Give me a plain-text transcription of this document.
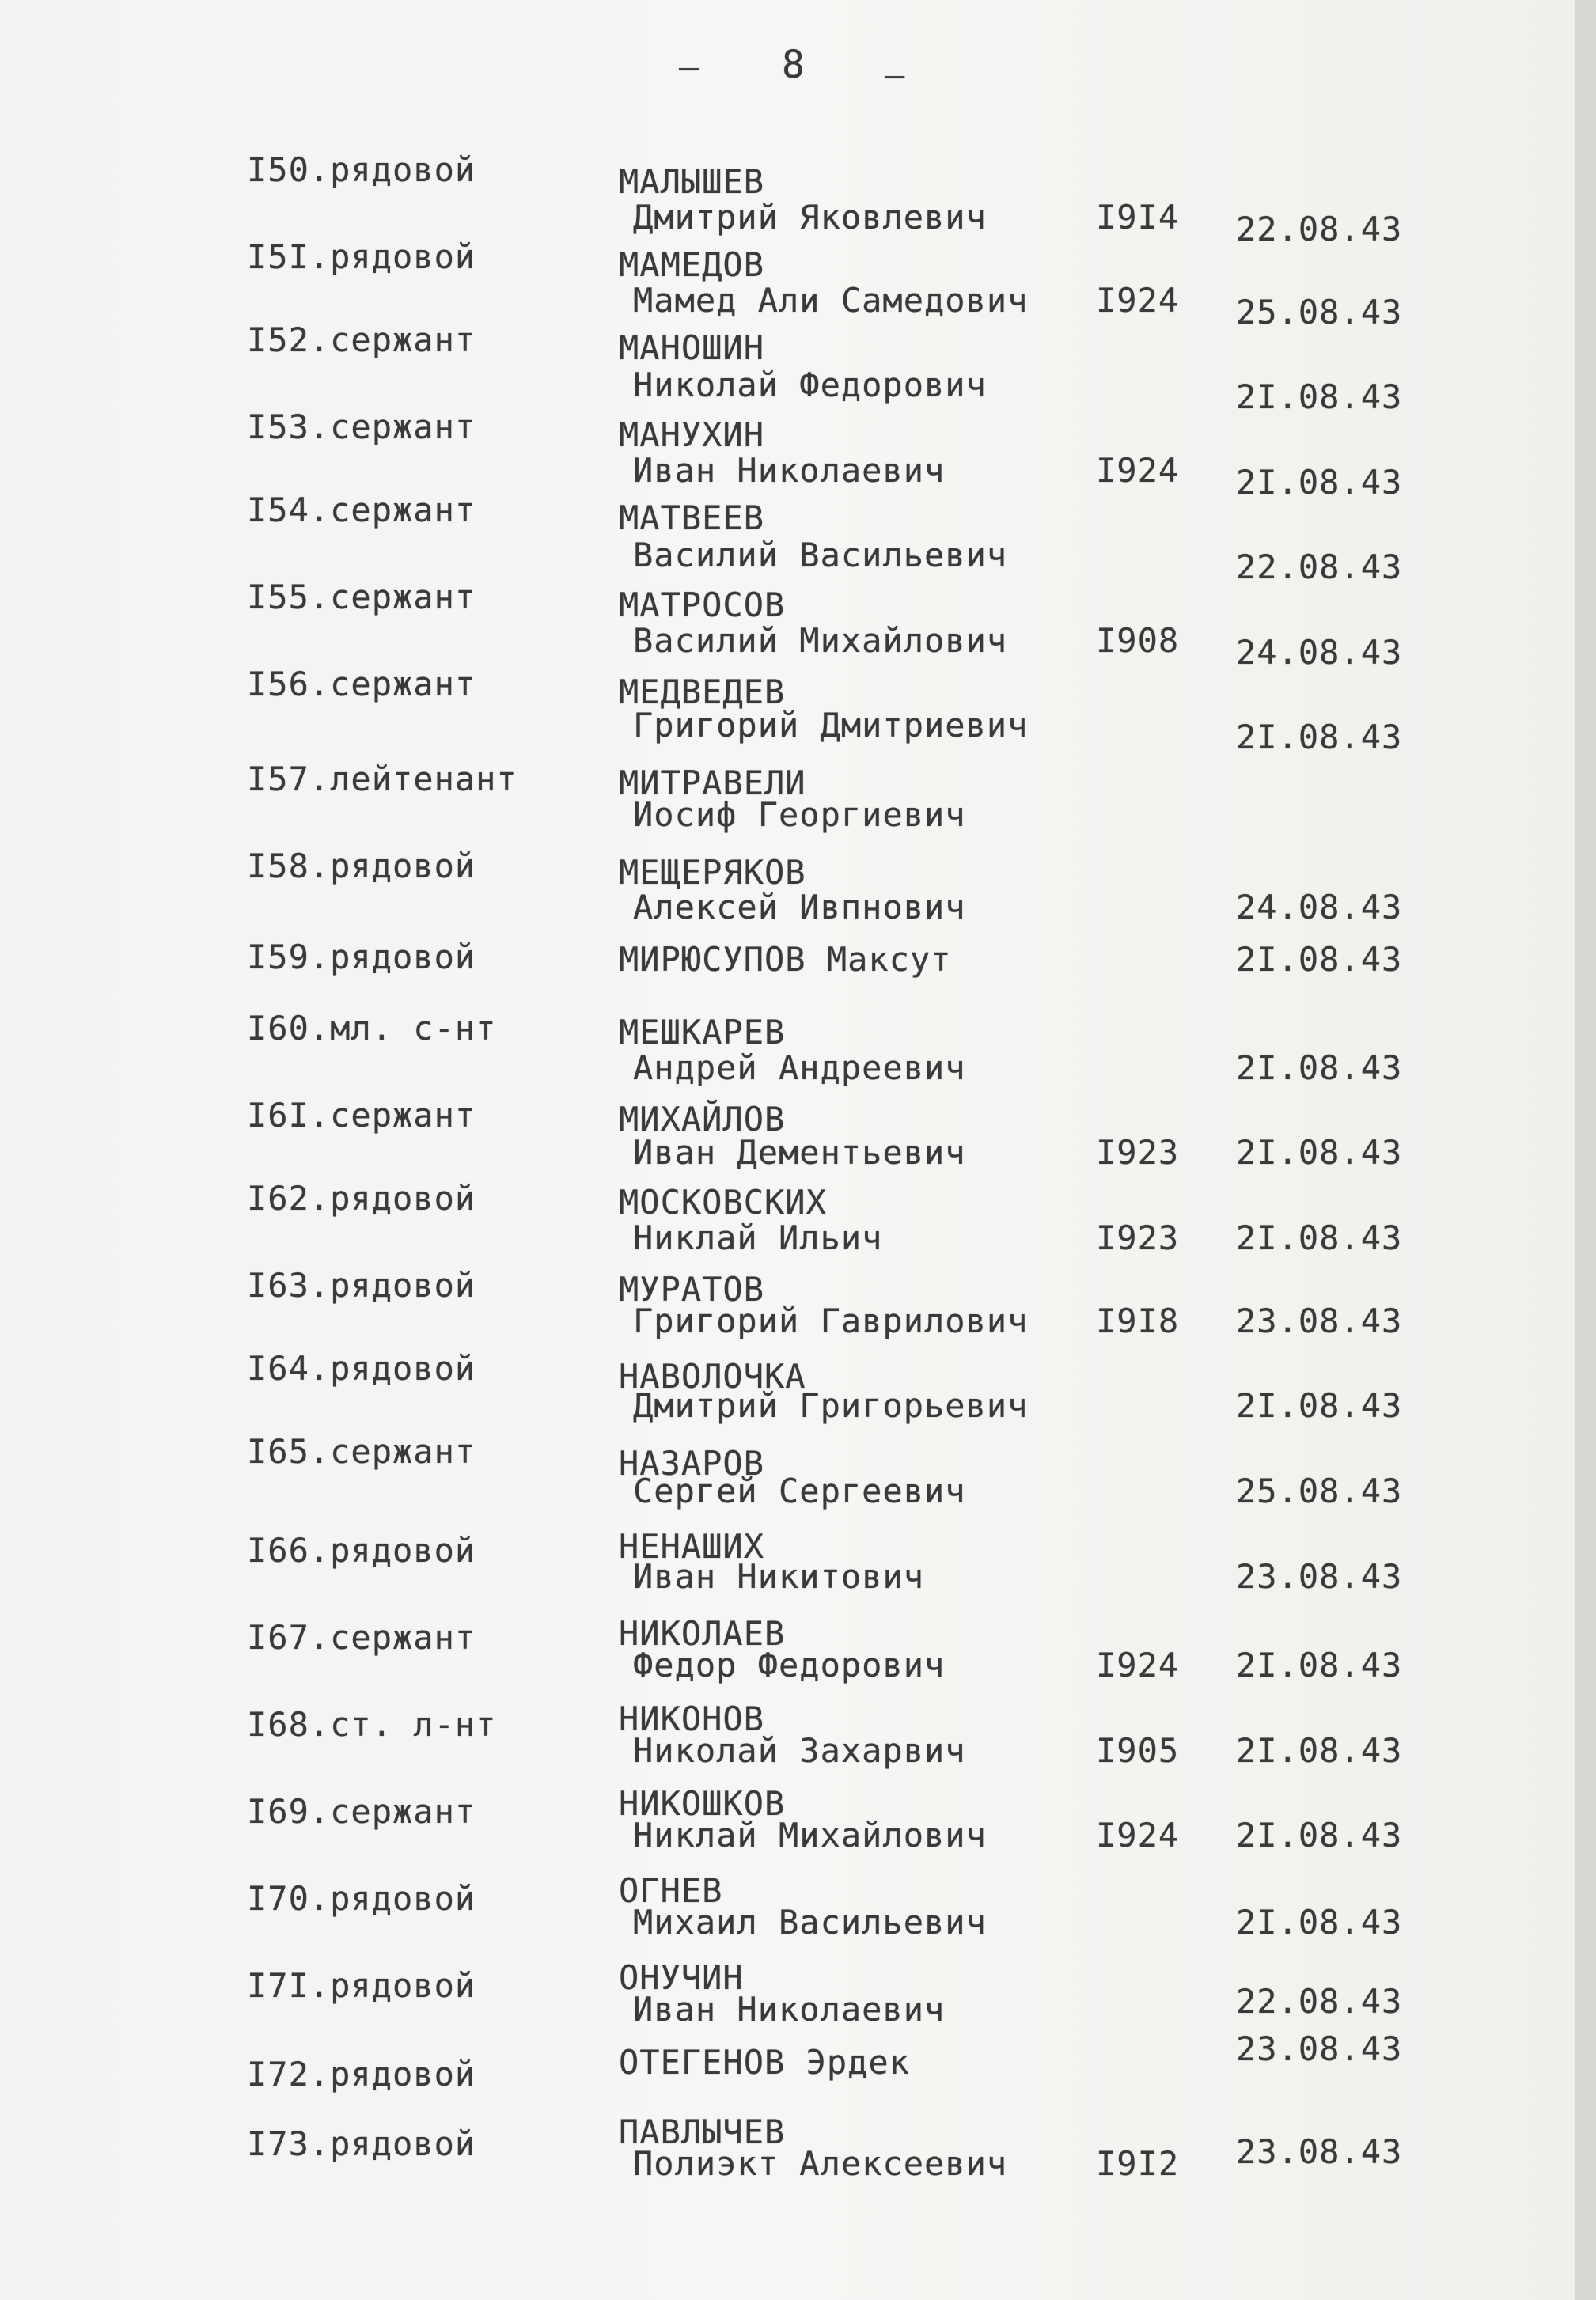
– 8 –
I50.рядовой	МАЛЫШЕВ
Дмитрий Яковлевич	I9I4 22.08.43
I5I.рядовой	МАМЕДОВ
Мамед Али Самедович I924 25.08.43
I52.сержант	МАНОШИН
Николай Федорович	2I.08.43
I53.сержант	МАНУХИН
Иван Николаевич	I924 2I.08.43
I54.сержант	МАТВЕЕВ
Василий Васильевич	22.08.43
I55.сержант	МАТРОСОВ
Василий Михайлович	I908 24.08.43
I56.сержант	МЕДВЕДЕВ
Григорий Дмитриевич	2I.08.43
I57.лейтенант	МИТРАВЕЛИ
Иосиф Георгиевич
I58.рядовой	МЕЩЕРЯКОВ
Алексей Ивпнович	24.08.43
I59.рядовой	МИРЮСУПОВ Максут	2I.08.43
I60.мл. с-нт	МЕШКАРЕВ
Андрей Андреевич	2I.08.43
I6I.сержант	МИХАЙЛОВ
Иван Дементьевич	I923 2I.08.43
I62.рядовой	МОСКОВСКИХ
Никлай Ильич	I923 2I.08.43
I63.рядовой	МУРАТОВ
Григорий Гаврилович I9I8 23.08.43
I64.рядовой	НАВОЛОЧКА
Дмитрий Григорьевич	2I.08.43
I65.сержант	НАЗАРОВ
Сергей Сергеевич	25.08.43
I66.рядовой	НЕНАШИХ
Иван Никитович	23.08.43
I67.сержант	НИКОЛАЕВ
Федор Федорович	I924 2I.08.43
I68.ст. л-нт	НИКОНОВ
Николай Захарвич	I905 2I.08.43
I69.сержант	НИКОШКОВ
Никлай Михайлович	I924 2I.08.43
I70.рядовой	ОГНЕВ
Михаил Васильевич	2I.08.43
I7I.рядовой	ОНУЧИН
Иван Николаевич	22.08.43
I72.рядовой	ОТЕГЕНОВ Эрдек	23.08.43
I73.рядовой	ПАВЛЫЧЕВ
Полиэкт Алексеевич	I9I2 23.08.43
